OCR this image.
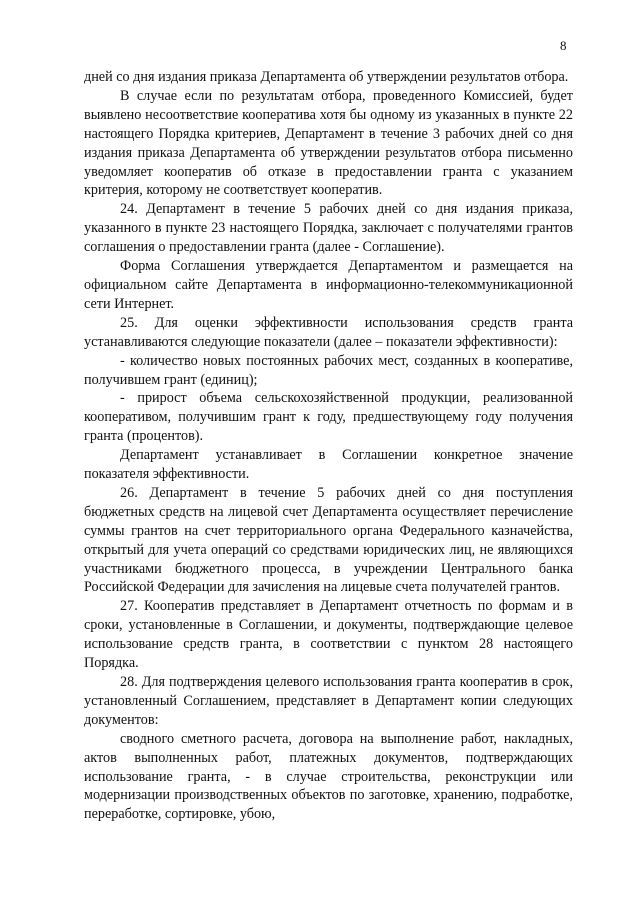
8

дней со дня издания приказа Департамента об утверждении результатов отбора.

В случае если по результатам отбора, проведенного Комиссией, будет выявлено несоответствие кооператива хотя бы одному из указанных в пункте 22 настоящего Порядка критериев, Департамент в течение 3 рабочих дней со дня издания приказа Департамента об утверждении результатов отбора письменно уведомляет кооператив об отказе в предоставлении гранта с указанием критерия, которому не соответствует кооператив.

24. Департамент в течение 5 рабочих дней со дня издания приказа, указанного в пункте 23 настоящего Порядка, заключает с получателями грантов соглашения о предоставлении гранта (далее - Соглашение).

Форма Соглашения утверждается Департаментом и размещается на официальном сайте Департамента в информационно-телекоммуникационной сети Интернет.

25. Для оценки эффективности использования средств гранта устанавливаются следующие показатели (далее – показатели эффективности):

- количество новых постоянных рабочих мест, созданных в кооперативе, получившем грант (единиц);

- прирост объема сельскохозяйственной продукции, реализованной кооперативом, получившим грант к году, предшествующему году получения гранта (процентов).

Департамент устанавливает в Соглашении конкретное значение показателя эффективности.

26. Департамент в течение 5 рабочих дней со дня поступления бюджетных средств на лицевой счет Департамента осуществляет перечисление суммы грантов на счет территориального органа Федерального казначейства, открытый для учета операций со средствами юридических лиц, не являющихся участниками бюджетного процесса, в учреждении Центрального банка Российской Федерации для зачисления на лицевые счета получателей грантов.

27. Кооператив представляет в Департамент отчетность по формам и в сроки, установленные в Соглашении, и документы, подтверждающие целевое использование средств гранта, в соответствии с пунктом 28 настоящего Порядка.

28. Для подтверждения целевого использования гранта кооператив в срок, установленный Соглашением, представляет в Департамент копии следующих документов:

сводного сметного расчета, договора на выполнение работ, накладных, актов выполненных работ, платежных документов, подтверждающих использование гранта, - в случае строительства, реконструкции или модернизации производственных объектов по заготовке, хранению, подработке, переработке, сортировке, убою,
